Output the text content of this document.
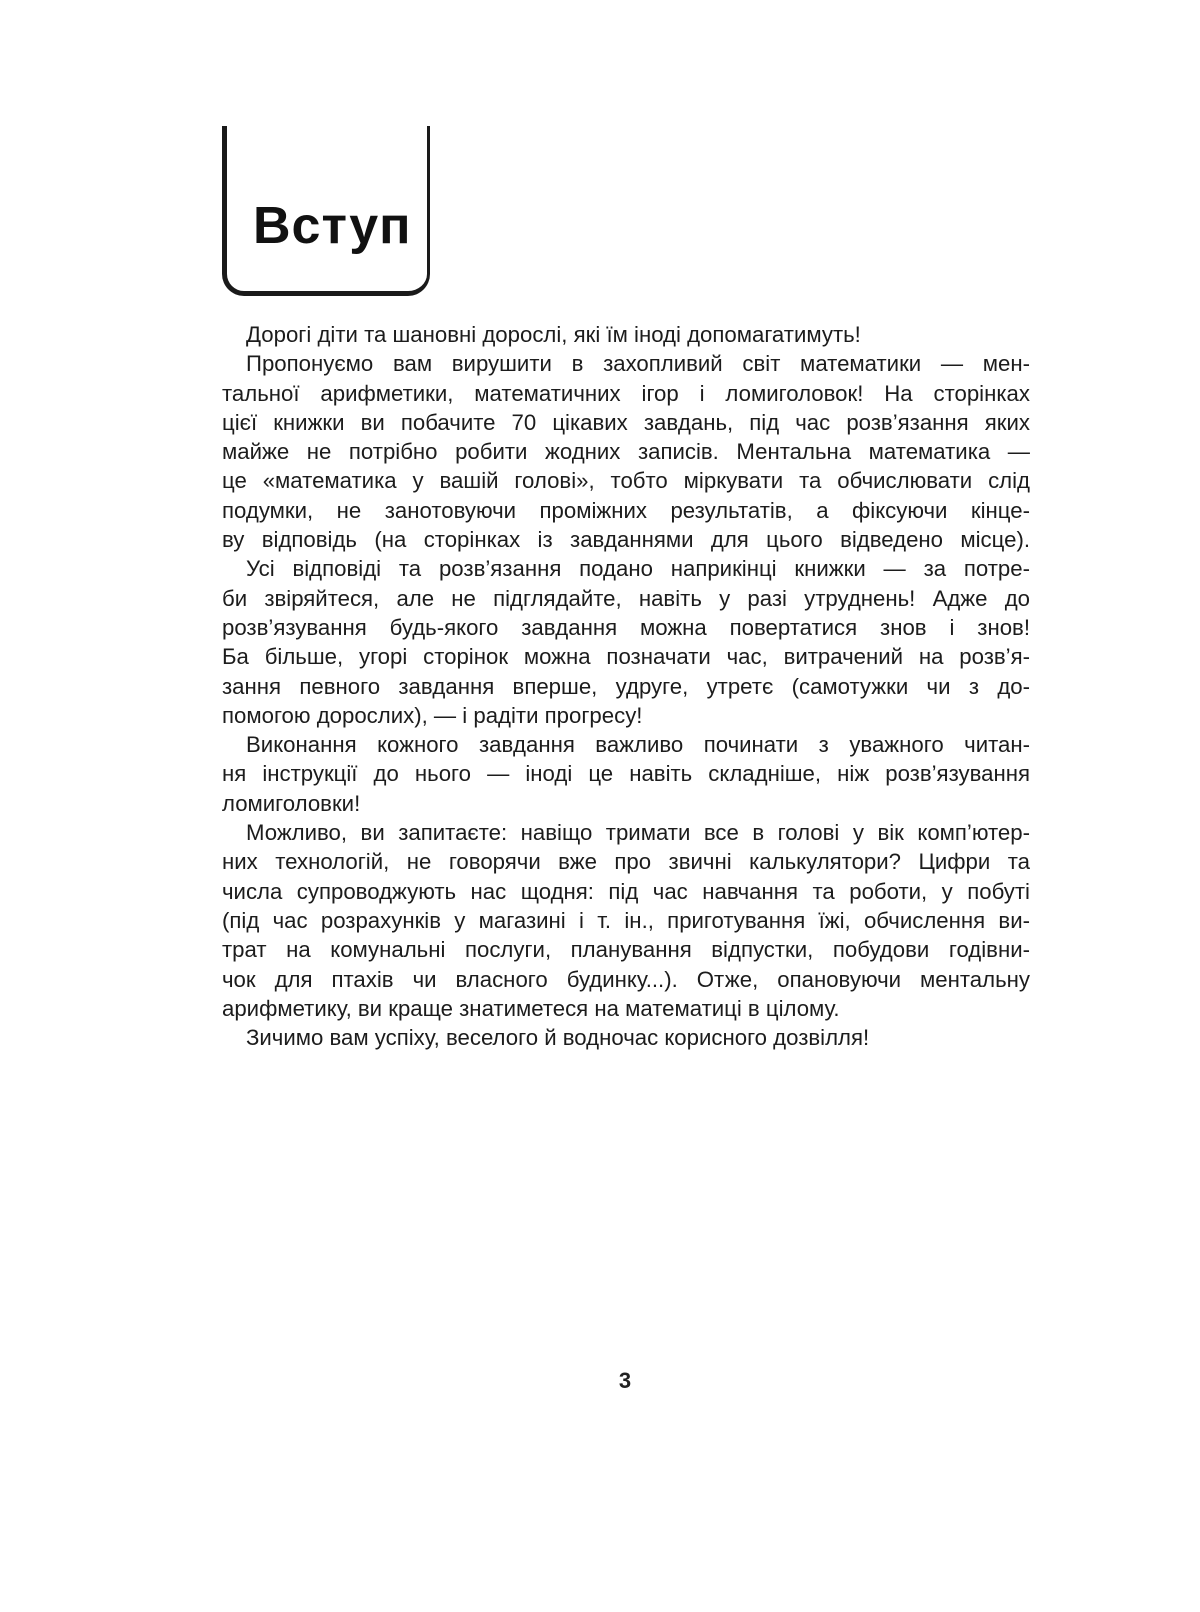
Вступ
Дорогі діти та шановні дорослі, які їм іноді допомагатимуть!
Пропонуємо вам вирушити в захопливий світ математики — мен-
тальної арифметики, математичних ігор і ломиголовок! На сторінках
цієї книжки ви побачите 70 цікавих завдань, під час розв’язання яких
майже не потрібно робити жодних записів. Ментальна математика —
це «математика у вашій голові», тобто міркувати та обчислювати слід
подумки, не занотовуючи проміжних результатів, а фіксуючи кінце-
ву відповідь (на сторінках із завданнями для цього відведено місце).
Усі відповіді та розв’язання подано наприкінці книжки — за потре-
би звіряйтеся, але не підглядайте, навіть у разі утруднень! Адже до
розв’язування будь-якого завдання можна повертатися знов і знов!
Ба більше, угорі сторінок можна позначати час, витрачений на розв’я-
зання певного завдання вперше, удруге, утретє (самотужки чи з до-
помогою дорослих), — і радіти прогресу!
Виконання кожного завдання важливо починати з уважного читан-
ня інструкції до нього — іноді це навіть складніше, ніж розв’язування
ломиголовки!
Можливо, ви запитаєте: навіщо тримати все в голові у вік комп’ютер-
них технологій, не говорячи вже про звичні калькулятори? Цифри та
числа супроводжують нас щодня: під час навчання та роботи, у побуті
(під час розрахунків у магазині і т. ін., приготування їжі, обчислення ви-
трат на комунальні послуги, планування відпустки, побудови годівни-
чок для птахів чи власного будинку...). Отже, опановуючи ментальну
арифметику, ви краще знатиметеся на математиці в цілому.
Зичимо вам успіху, веселого й водночас корисного дозвілля!
3
